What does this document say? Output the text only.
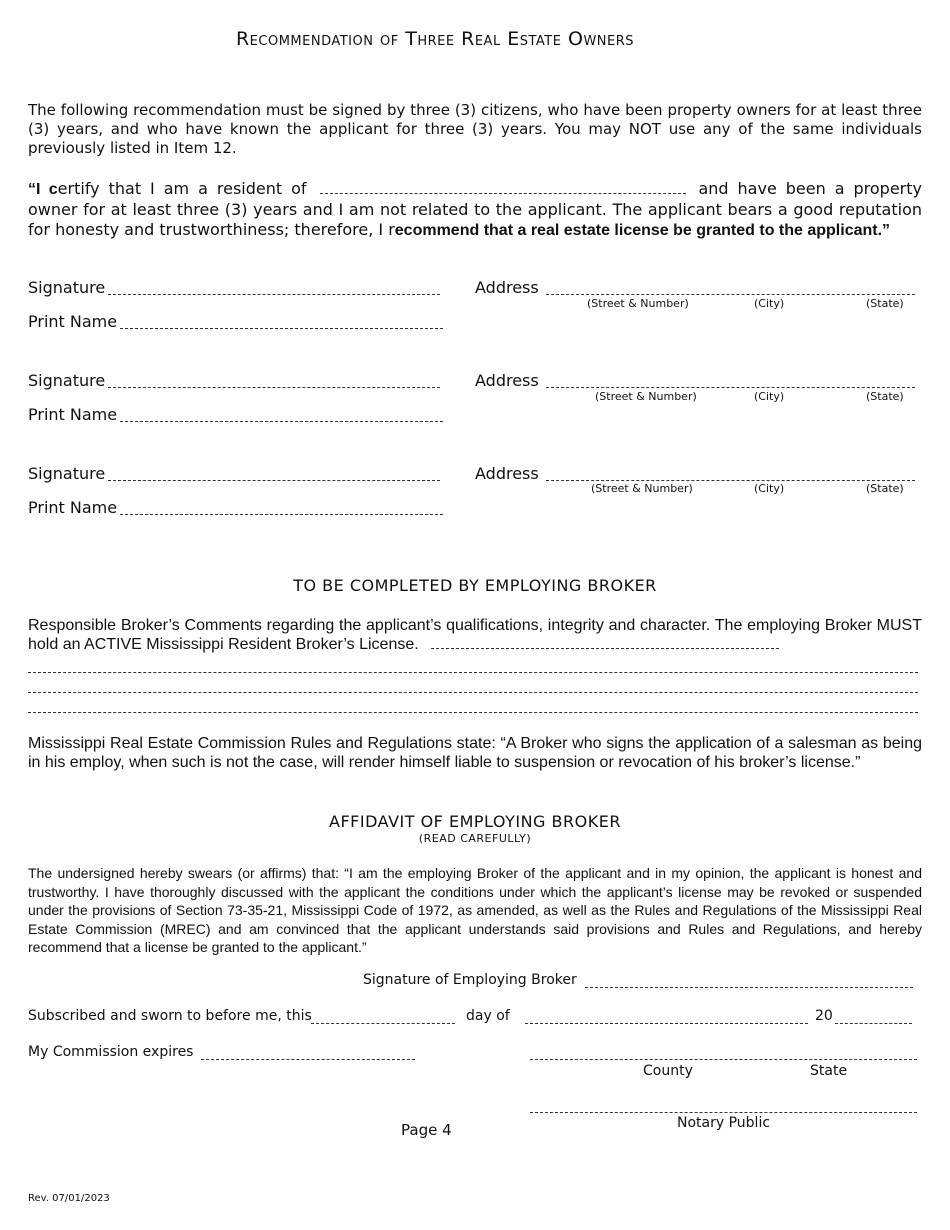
Recommendation of Three Real Estate Owners
The following recommendation must be signed by three (3) citizens, who have been property owners for at least three (3) years, and who have known the applicant for three (3) years. You may NOT use any of the same individuals previously listed in Item 12.
“I certify that I am a resident of	and have been a property owner for at least three (3) years and I am not related to the applicant. The applicant bears a good reputation for honesty and trustworthiness; therefore, I recommend that a real estate license be granted to the applicant.”
Signature
Print Name
Address
(Street & Number)	(City)	(State)
Signature
Print Name
Address
(Street & Number)	(City)	(State)
Signature
Print Name
Address
(Street & Number)	(City)	(State)
TO BE COMPLETED BY EMPLOYING BROKER
Responsible Broker’s Comments regarding the applicant’s qualifications, integrity and character. The employing Broker MUST hold an ACTIVE Mississippi Resident Broker’s License.
Mississippi Real Estate Commission Rules and Regulations state: “A Broker who signs the application of a salesman as being in his employ, when such is not the case, will render himself liable to suspension or revocation of his broker’s license.”
AFFIDAVIT OF EMPLOYING BROKER
(READ CAREFULLY)
The undersigned hereby swears (or affirms) that: “I am the employing Broker of the applicant and in my opinion, the applicant is honest and trustworthy. I have thoroughly discussed with the applicant the conditions under which the applicant’s license may be revoked or suspended under the provisions of Section 73-35-21, Mississippi Code of 1972, as amended, as well as the Rules and Regulations of the Mississippi Real Estate Commission (MREC) and am convinced that the applicant understands said provisions and Rules and Regulations, and hereby recommend that a license be granted to the applicant.”
Signature of Employing Broker
Subscribed and sworn to before me, this	day of	20
My Commission expires
County	State
Notary Public
Page 4
Rev. 07/01/2023
